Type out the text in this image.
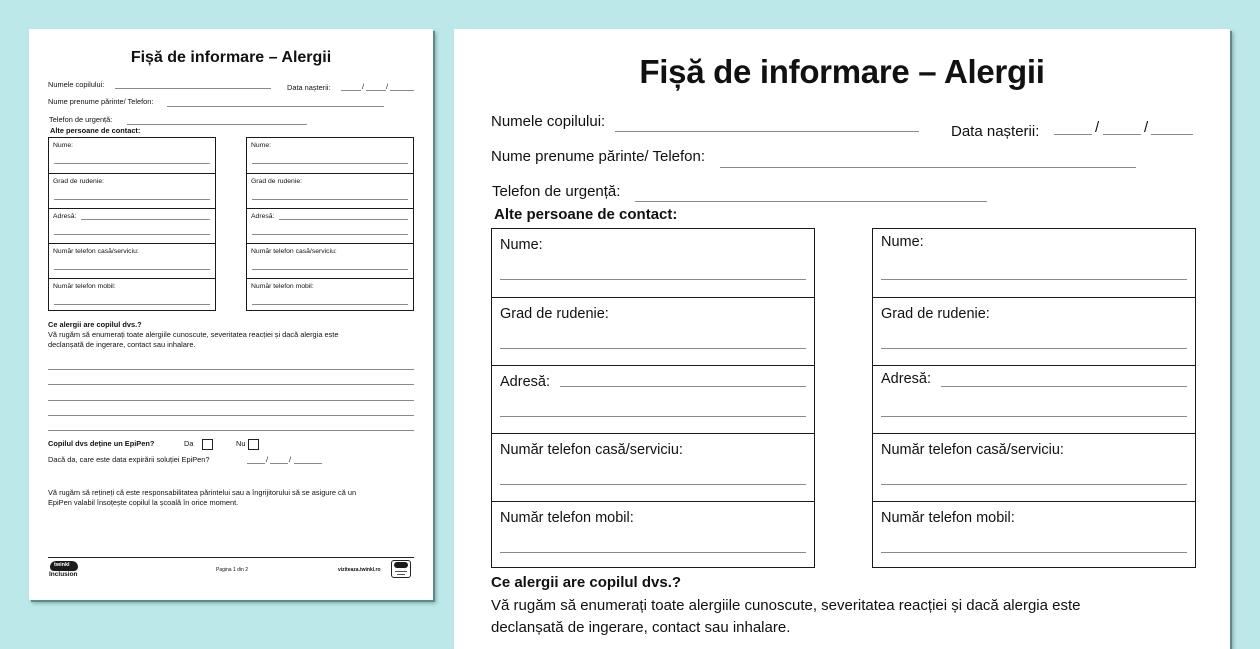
Fișă de informare – Alergii
Numele copilului:	Data nașterii:	/	/
Nume prenume părinte/ Telefon:
Telefon de urgență:
Alte persoane de contact:
Nume:
Grad de rudenie:
Adresă:
Număr telefon casă/serviciu:
Număr telefon mobil:
Nume:
Grad de rudenie:
Adresă:
Număr telefon casă/serviciu:
Număr telefon mobil:
Ce alergii are copilul dvs.?
Vă rugăm să enumerați toate alergiile cunoscute, severitatea reacției și dacă alergia este
declanșată de ingerare, contact sau inhalare.
Copilul dvs deține un EpiPen?	Da	Nu
Dacă da, care este data expirării soluției EpiPen?	/	/
Vă rugăm să rețineți că este responsabilitatea părintelui sau a îngrijitorului să se asigure că un
EpiPen valabil însoțește copilul la școală în orice moment.
twinkl
Inclusion
Pagina 1 din 2	viziteaza.twinkl.ro
Fișă de informare – Alergii
Numele copilului:
Data nașterii:	/	/
Nume prenume părinte/ Telefon:
Telefon de urgență:
Alte persoane de contact:
Nume:
Grad de rudenie:
Adresă:
Număr telefon casă/serviciu:
Număr telefon mobil:
Nume:
Grad de rudenie:
Adresă:
Număr telefon casă/serviciu:
Număr telefon mobil:
Ce alergii are copilul dvs.?
Vă rugăm să enumerați toate alergiile cunoscute, severitatea reacției și dacă alergia este
declanșată de ingerare, contact sau inhalare.
